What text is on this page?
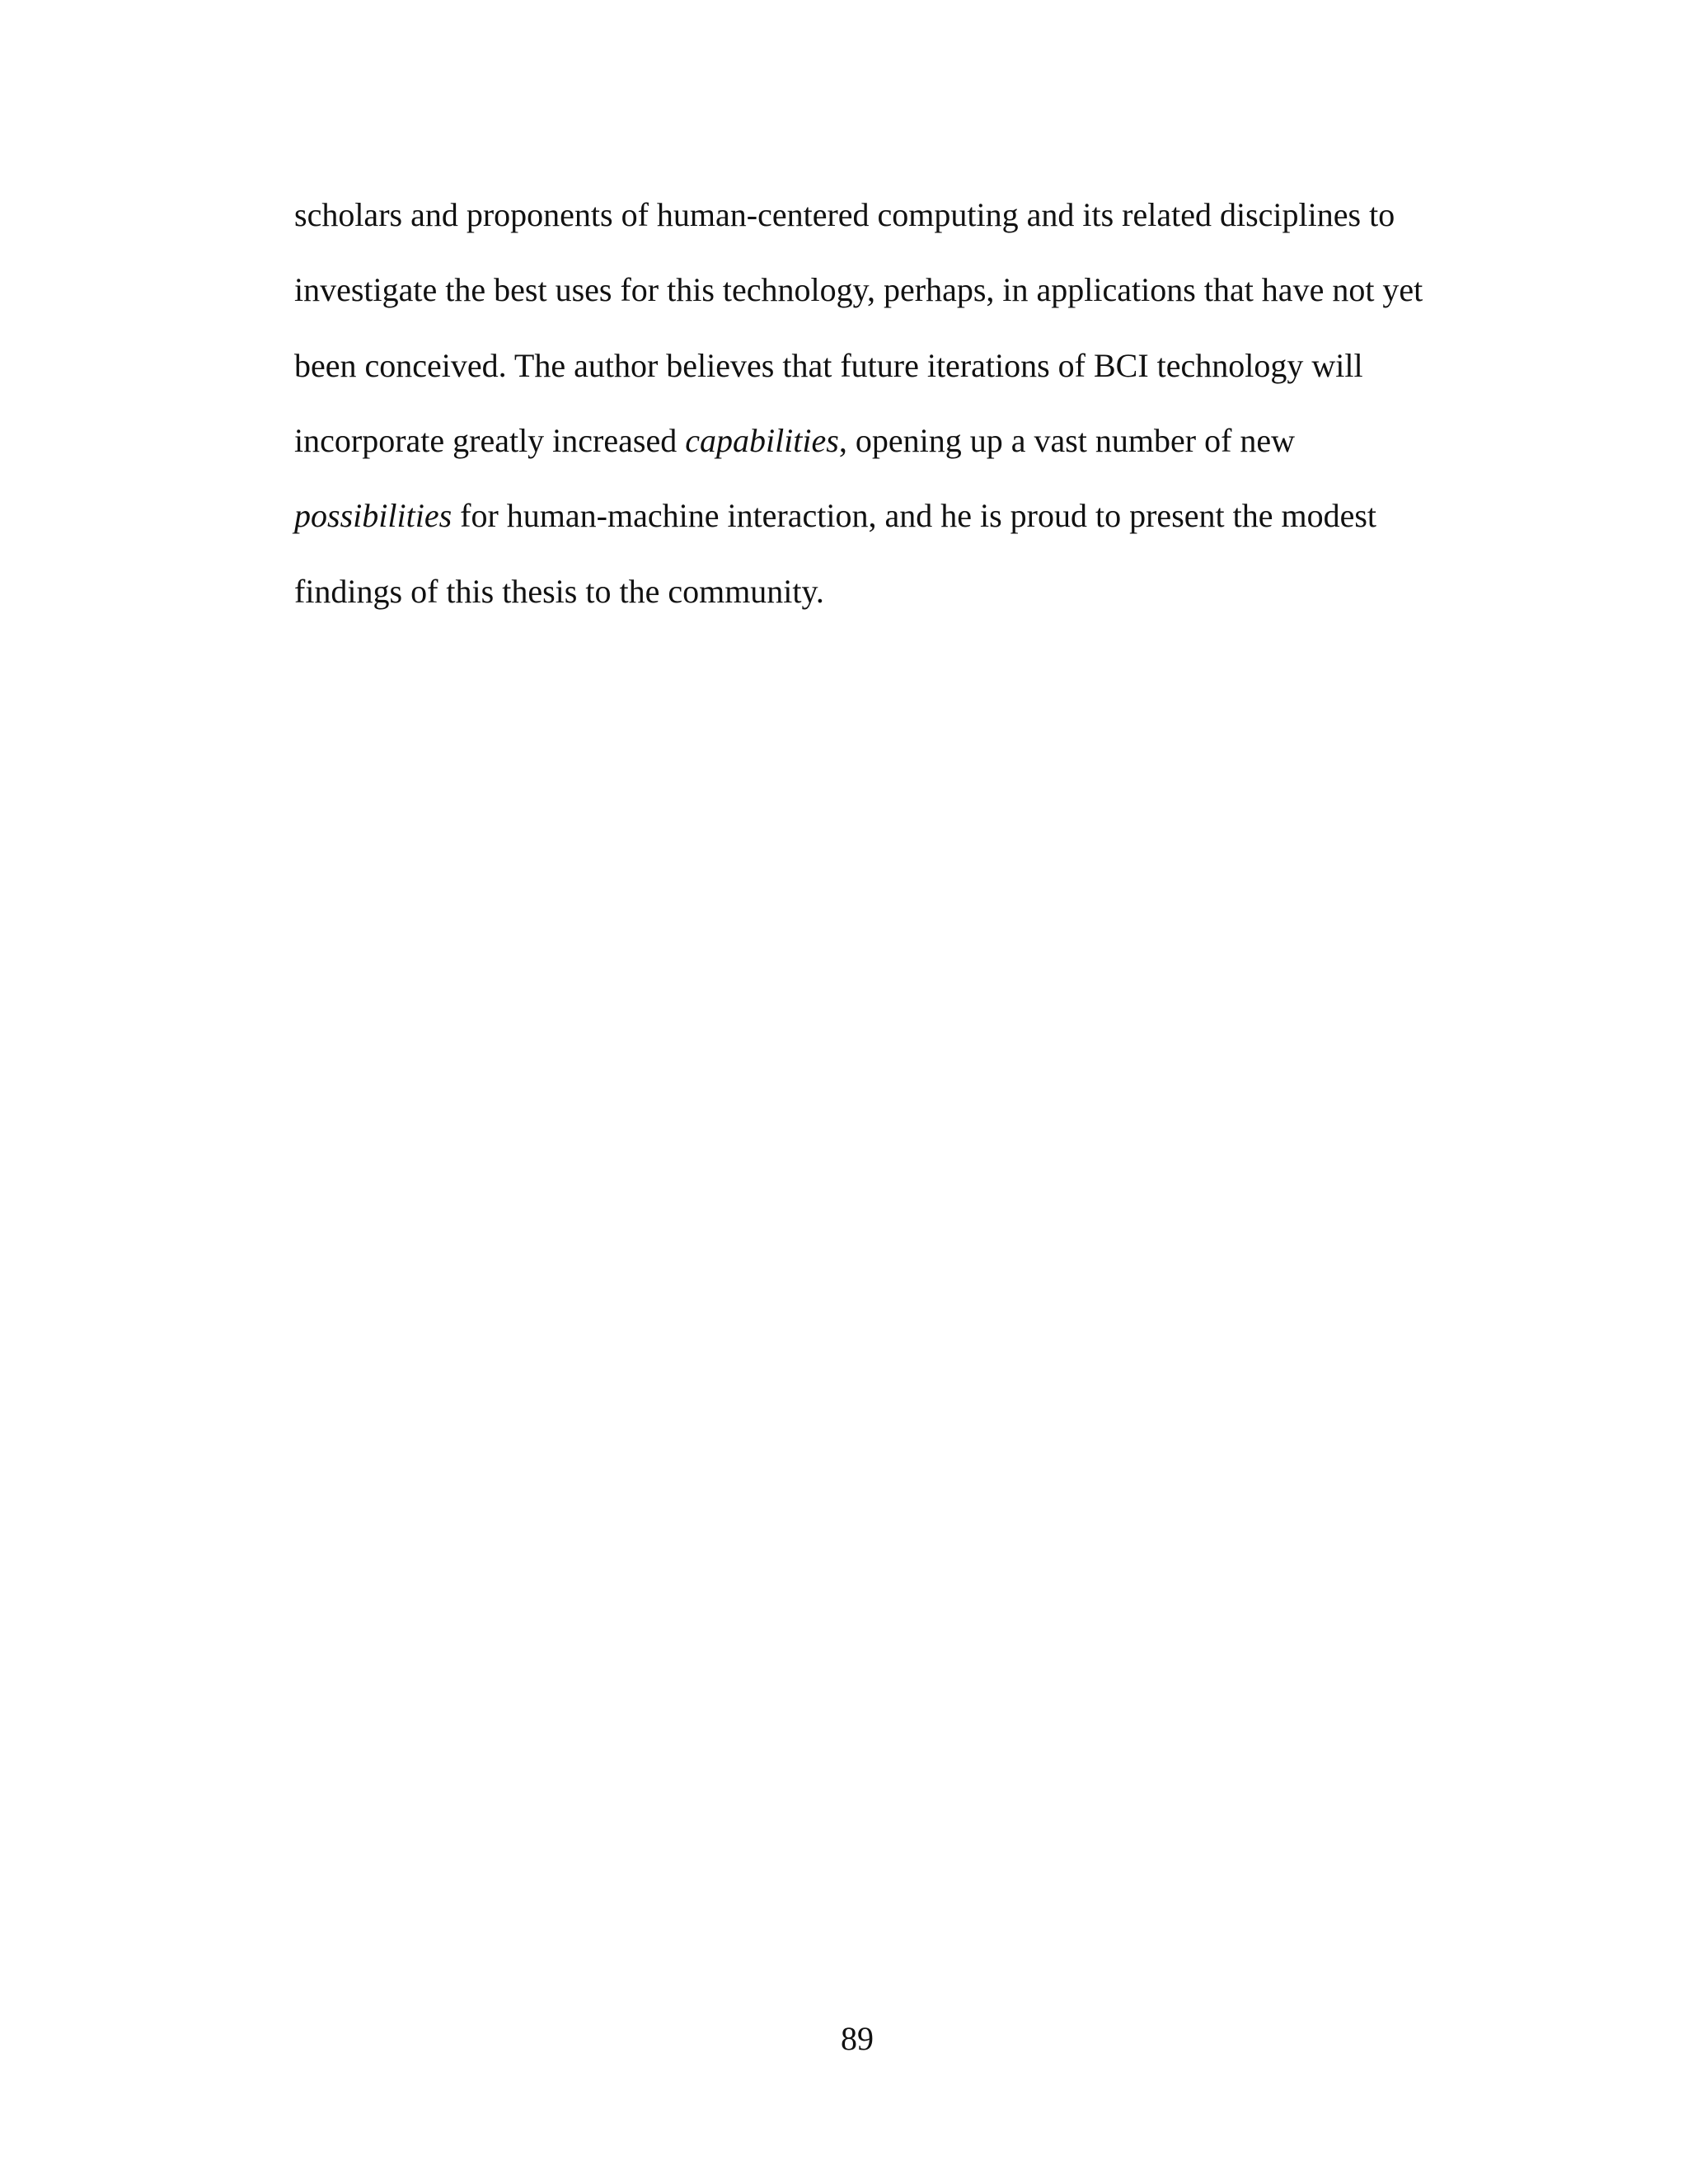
scholars and proponents of human-centered computing and its related disciplines to
investigate the best uses for this technology, perhaps, in applications that have not yet
been conceived. The author believes that future iterations of BCI technology will
incorporate greatly increased capabilities, opening up a vast number of new
possibilities for human-machine interaction, and he is proud to present the modest
findings of this thesis to the community.
89
